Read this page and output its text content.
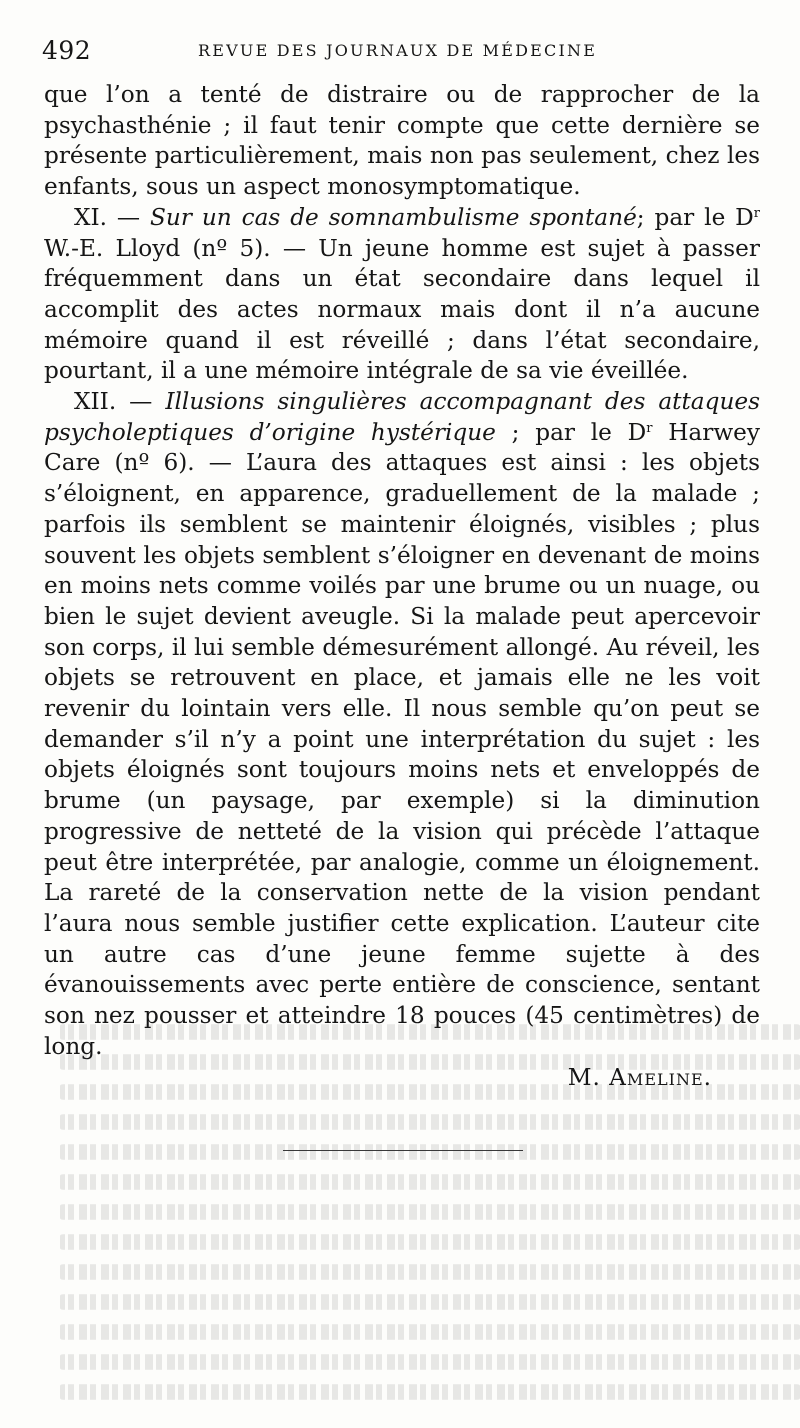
492	REVUE DES JOURNAUX DE MÉDECINE

que l’on a tenté de distraire ou de rapprocher de la psychasthénie ; il faut tenir compte que cette dernière se présente particulièrement, mais non pas seulement, chez les enfants, sous un aspect monosymptomatique.

XI. — Sur un cas de somnambulisme spontané; par le $D^r$ W.-E. Lloyd (nº 5). — Un jeune homme est sujet à passer fréquemment dans un état secondaire dans lequel il accomplit des actes normaux mais dont il n’a aucune mémoire quand il est réveillé ; dans l’état secondaire, pourtant, il a une mémoire intégrale de sa vie éveillée.

XII. — Illusions singulières accompagnant des attaques psycholeptiques d’origine hystérique ; par le $D^r$ Harwey Care (nº 6). — L’aura des attaques est ainsi : les objets s’éloignent, en apparence, graduellement de la malade ; parfois ils semblent se maintenir éloignés, visibles ; plus souvent les objets semblent s’éloigner en devenant de moins en moins nets comme voilés par une brume ou un nuage, ou bien le sujet devient aveugle. Si la malade peut apercevoir son corps, il lui semble démesurément allongé. Au réveil, les objets se retrouvent en place, et jamais elle ne les voit revenir du lointain vers elle. Il nous semble qu’on peut se demander s’il n’y a point une interprétation du sujet : les objets éloignés sont toujours moins nets et enveloppés de brume (un paysage, par exemple) si la diminution progressive de netteté de la vision qui précède l’attaque peut être interprétée, par analogie, comme un éloignement. La rareté de la conservation nette de la vision pendant l’aura nous semble justifier cette explication. L’auteur cite un autre cas d’une jeune femme sujette à des évanouissements avec perte entière de conscience, sentant son nez pousser et atteindre 18 pouces (45 centimètres) de long.

M. Ameline.
